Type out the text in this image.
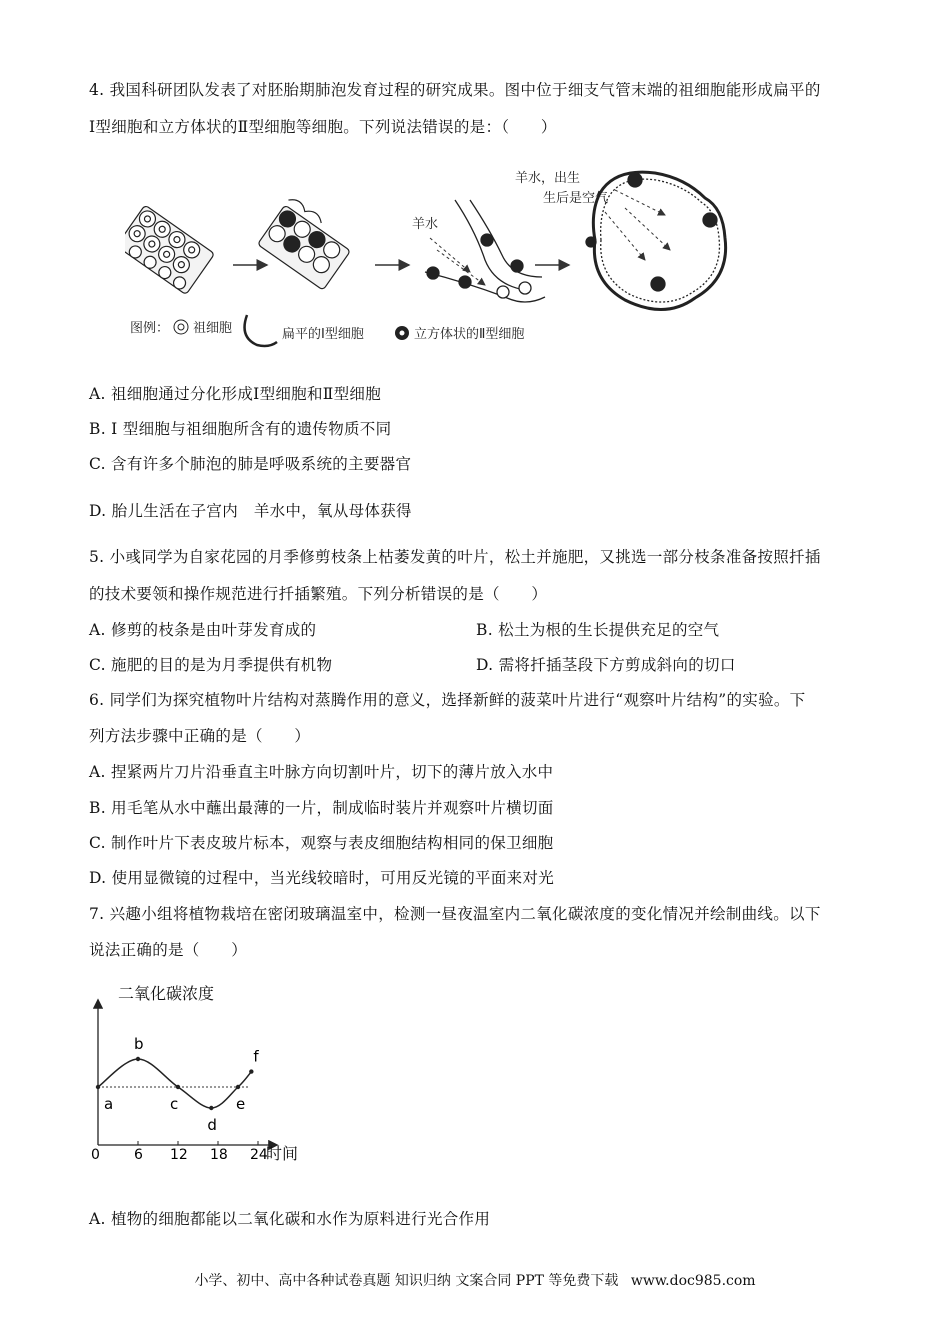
4. 我国科研团队发表了对胚胎期肺泡发育过程的研究成果。图中位于细支气管末端的祖细胞能形成扁平的
Ⅰ型细胞和立方体状的Ⅱ型细胞等细胞。下列说法错误的是：（　　）
羊水
羊水，出生
生后是空气
图例： 祖细胞	扁平的Ⅰ型细胞	立方体状的Ⅱ型细胞
A. 祖细胞通过分化形成Ⅰ型细胞和Ⅱ型细胞
B. Ⅰ 型细胞与祖细胞所含有的遗传物质不同
C. 含有许多个肺泡的肺是呼吸系统的主要器官
D. 胎儿生活在子宫内　羊水中，氧从母体获得
5. 小彧同学为自家花园的月季修剪枝条上枯萎发黄的叶片，松土并施肥，又挑选一部分枝条准备按照扦插
的技术要领和操作规范进行扦插繁殖。下列分析错误的是（　　）
A. 修剪的枝条是由叶芽发育成的	B. 松土为根的生长提供充足的空气
C. 施肥的目的是为月季提供有机物	D. 需将扦插茎段下方剪成斜向的切口
6. 同学们为探究植物叶片结构对蒸腾作用的意义，选择新鲜的菠菜叶片进行“观察叶片结构”的实验。下
列方法步骤中正确的是（　　）
A. 捏紧两片刀片沿垂直主叶脉方向切割叶片，切下的薄片放入水中
B. 用毛笔从水中蘸出最薄的一片，制成临时装片并观察叶片横切面
C. 制作叶片下表皮玻片标本，观察与表皮细胞结构相同的保卫细胞
D. 使用显微镜的过程中，当光线较暗时，可用反光镜的平面来对光
7. 兴趣小组将植物栽培在密闭玻璃温室中，检测一昼夜温室内二氧化碳浓度的变化情况并绘制曲线。以下
说法正确的是（　　）
二氧化碳浓度
时间
0 6 12 18 24
a
b
c
d
e
f
A. 植物的细胞都能以二氧化碳和水作为原料进行光合作用
小学、初中、高中各种试卷真题 知识归纳 文案合同 PPT 等免费下载 www.doc985.com
